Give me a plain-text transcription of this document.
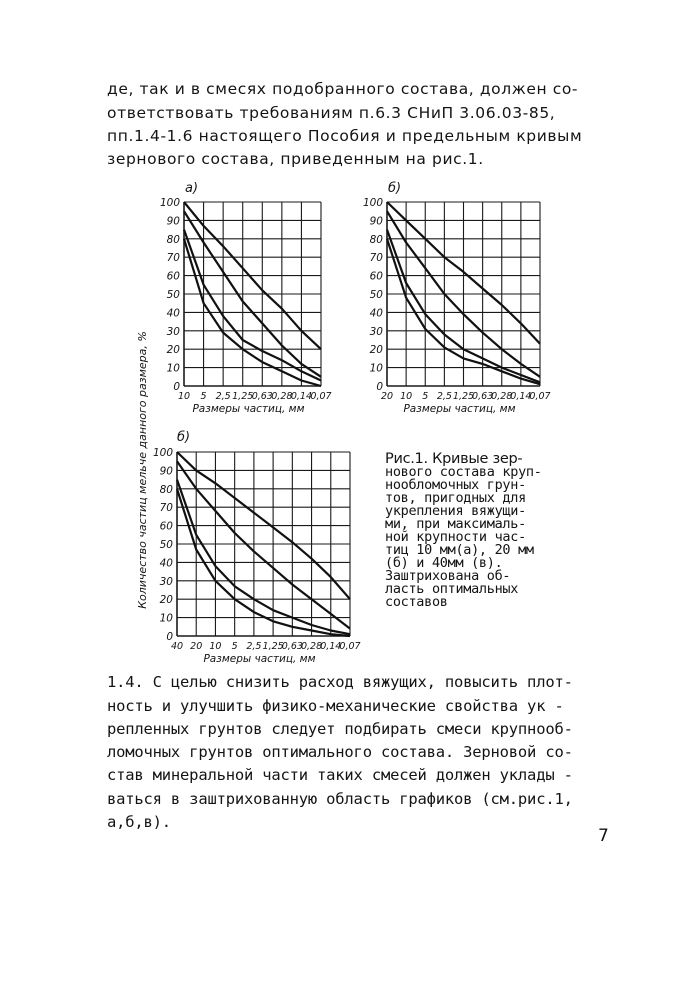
де, так и в смесях подобранного состава, должен со-
ответствовать требованиям п.6.3 СНиП 3.06.03-85,
пп.1.4-1.6 настоящего Пособия и предельным кривым
зернового состава, приведенным на рис.1.
Количество частиц мельче данного размера, %
100
90
80
70
60
50
40
30
20
10
0
10 5 2,5 1,25
0,63
0,28
0,14
0,07
Размеры частиц, мм
а)
100
90
80
70
60
50
40
30
20
10
0
20 10 5 2,5 1,25
0,63
0,28
0,14
0,07
Размеры частиц, мм
б)
100
90
80
70
60
50
40
30
20
10
0
40 20 10 5 2,5 1,25
0,63
0,28
0,14
0,07
Размеры частиц, мм
б)
Рис.1. Кривые зер-
нового состава круп-
нообломочных грун-
тов, пригодных для
укрепления вяжущи-
ми, при максималь-
ной крупности час-
тиц 10 мм(а), 20 мм
(б) и 40мм (в).
Заштрихована об-
ласть оптимальных
составов
1.4. С целью снизить расход вяжущих, повысить плот-
ность и улучшить физико-механические свойства ук -
репленных грунтов следует подбирать смеси крупнооб-
ломочных грунтов оптимального состава. Зерновой со-
став минеральной части таких смесей должен уклады -
ваться в заштрихованную область графиков (см.рис.1,
а,б,в).
7
